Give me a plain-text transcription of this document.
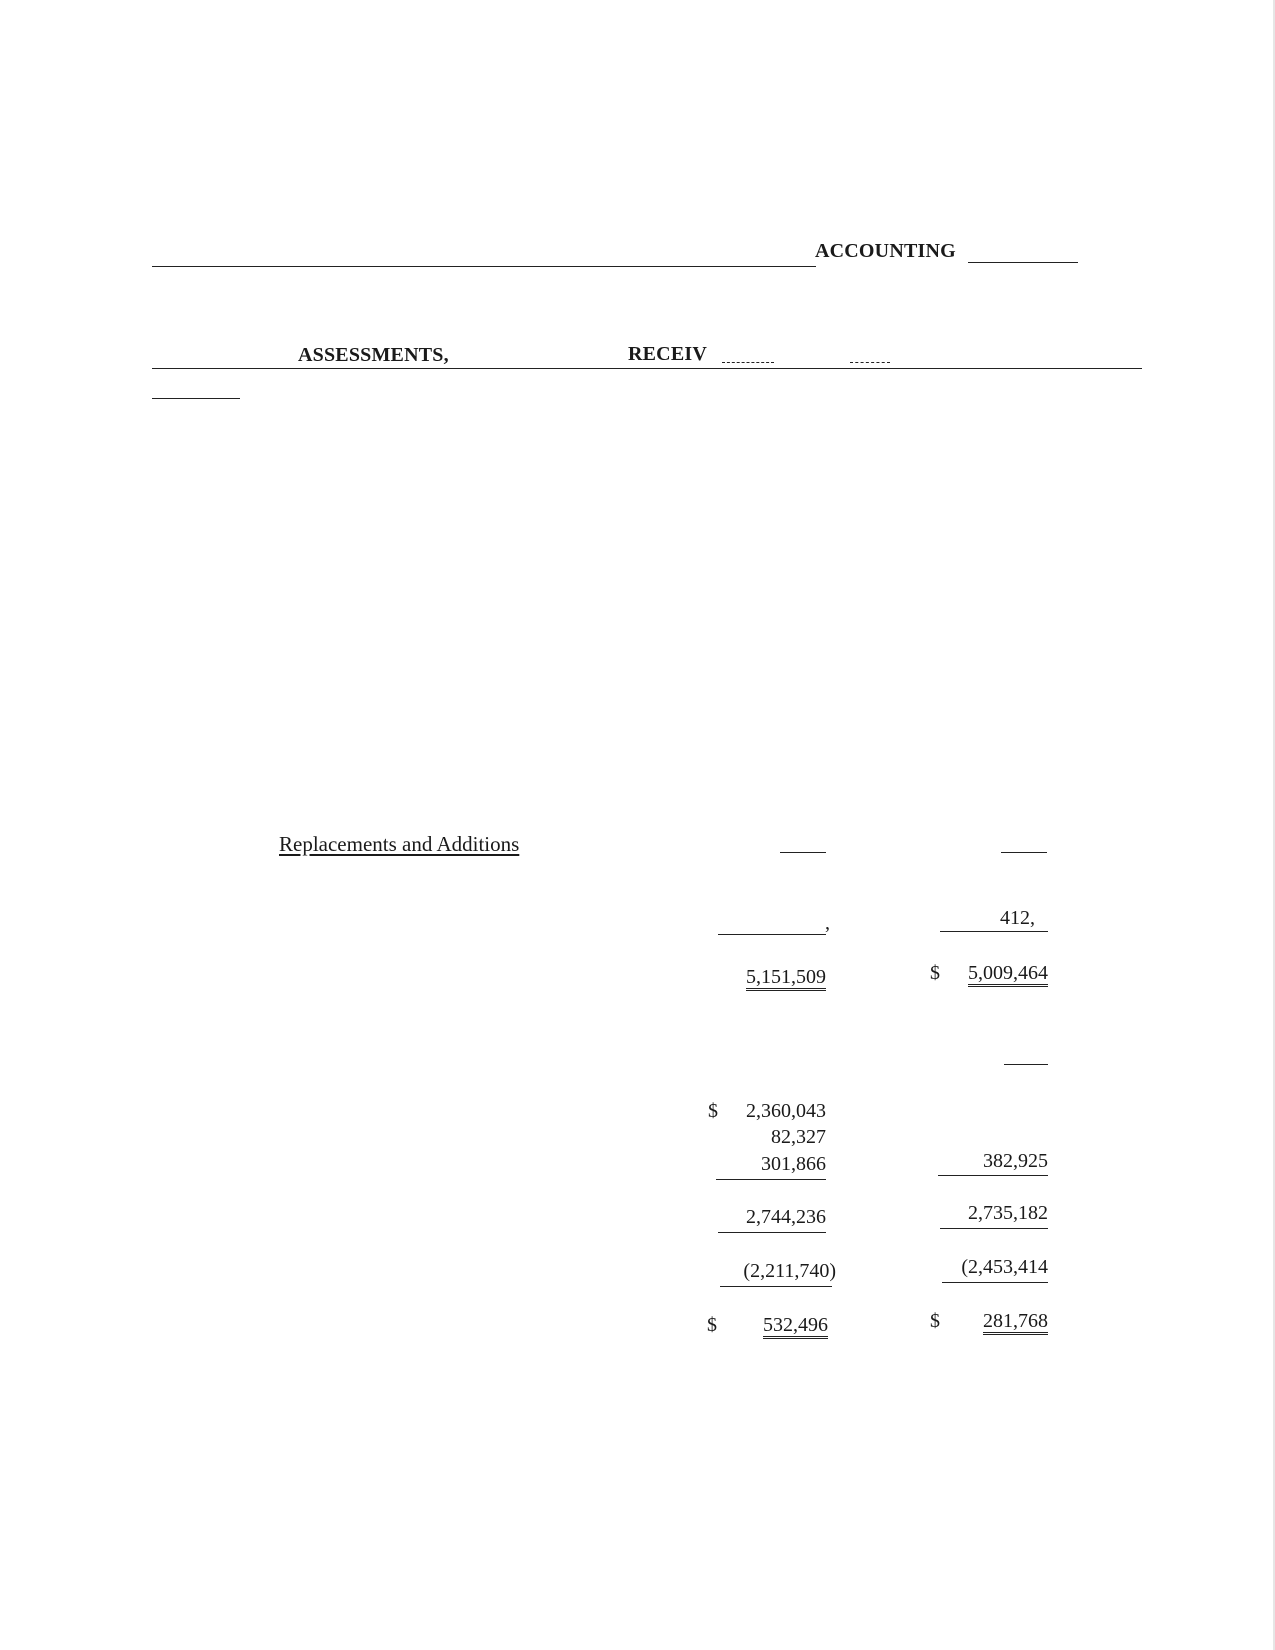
ACCOUNTING
ASSESSMENTS,	RECEIV
Replacements and Additions
,	412,
5,151,509	$	5,009,464
$	2,360,043
82,327
301,866	382,925
2,744,236	2,735,182
(2,211,740)	(2,453,414
$	532,496	$	281,768
